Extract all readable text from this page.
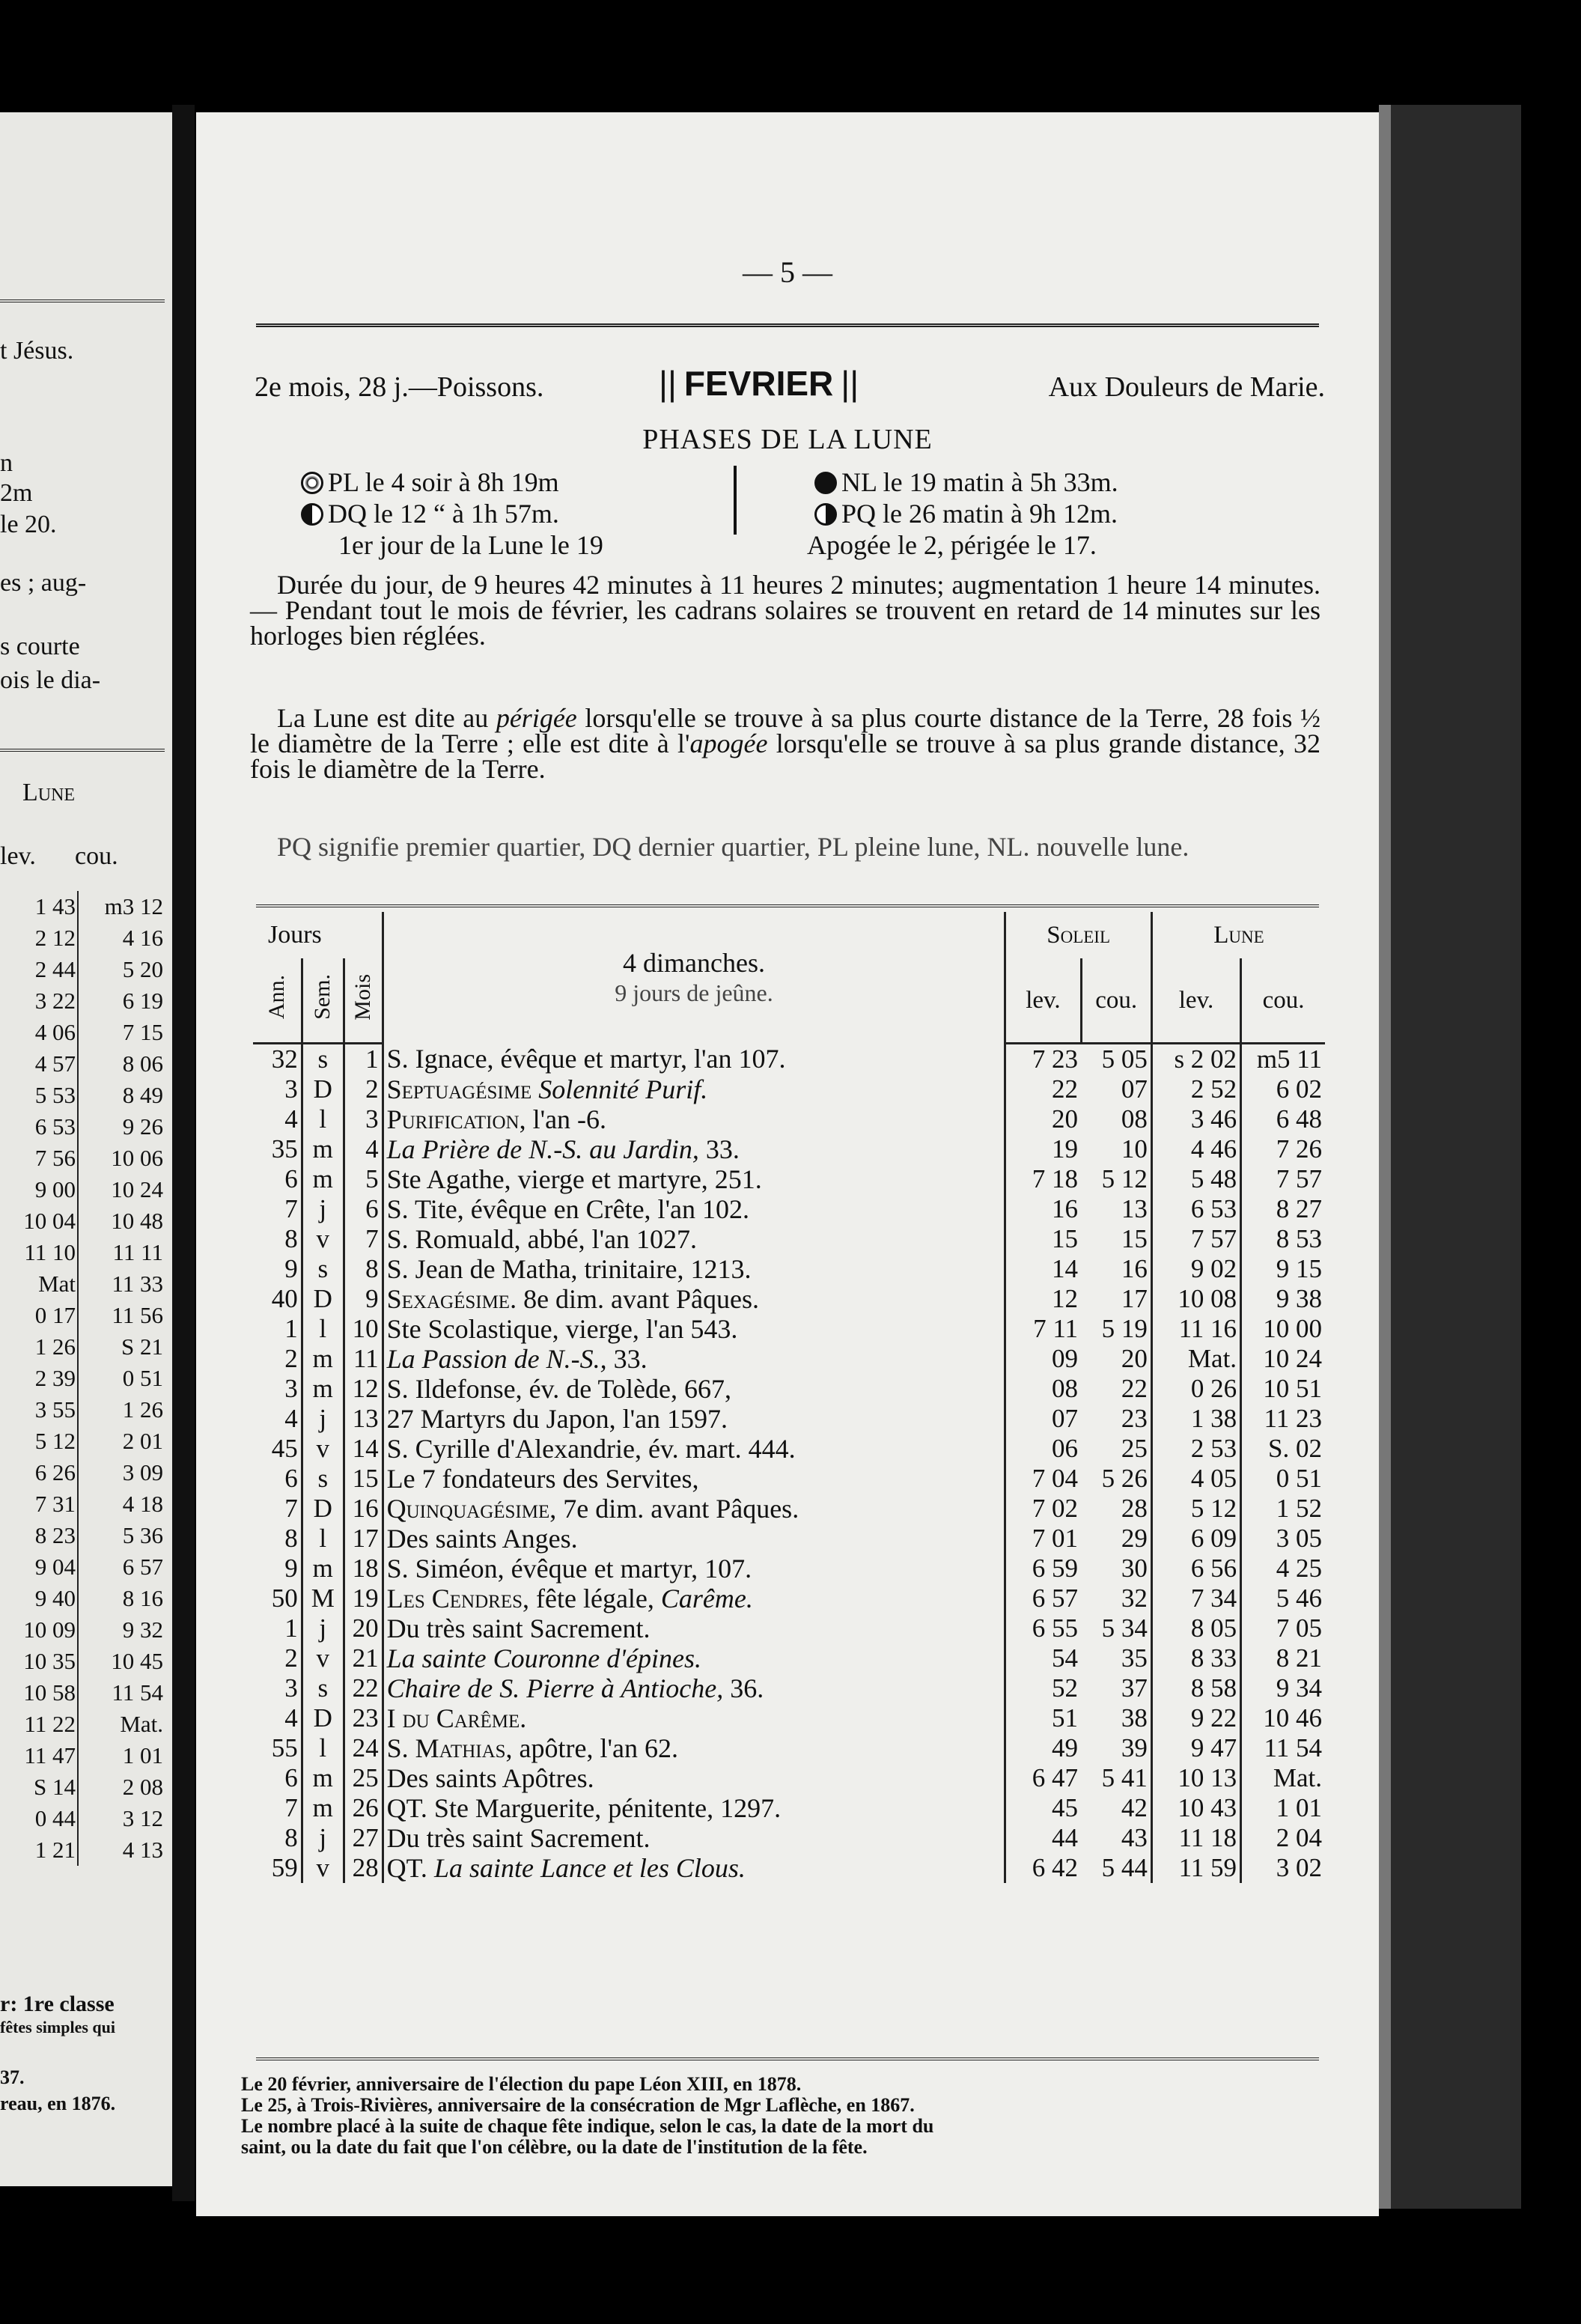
t Jésus.
n
2m
le 20.
es ; aug-
s courte
ois le dia-
Lune
lev. cou.
1 43	m3 12
2 12	4 16
2 44	5 20
3 22	6 19
4 06	7 15
4 57	8 06
5 53	8 49
6 53	9 26
7 56	10 06
9 00	10 24
10 04	10 48
11 10	11 11
Mat	11 33
0 17	11 56
1 26	S 21
2 39	0 51
3 55	1 26
5 12	2 01
6 26	3 09
7 31	4 18
8 23	5 36
9 04	6 57
9 40	8 16
10 09	9 32
10 35	10 45
10 58	11 54
11 22	Mat.
11 47	1 01
S 14	2 08
0 44	3 12
1 21	4 13
r: 1re classe
fêtes simples qui
37.
reau, en 1876.
— 5 —
2e mois, 28 j.—Poissons.	|| FEVRIER ||	Aux Douleurs de Marie.
PHASES DE LA LUNE
PL le 4 soir à 8h 19m
DQ le 12 “ à 1h 57m.
1er jour de la Lune le 19
NL le 19 matin à 5h 33m.
PQ le 26 matin à 9h 12m.
Apogée le 2, périgée le 17.
Durée du jour, de 9 heures 42 minutes à 11 heures 2 minutes; augmentation 1 heure 14 minutes.— Pendant tout le mois de février, les cadrans solaires se trouvent en retard de 14 minutes sur les horloges bien réglées.
La Lune est dite au périgée lorsqu'elle se trouve à sa plus courte distance de la Terre, 28 fois ½ le diamètre de la Terre ; elle est dite à l'apogée lorsqu'elle se trouve à sa plus grande distance, 32 fois le diamètre de la Terre.
PQ signifie premier quartier, DQ dernier quartier, PL pleine lune, NL. nouvelle lune.
Jours			4 dimanches.
9 jours de jeûne.	Soleil		Lune	
Ann.	Sem.	Mois		lev.	cou.	lev.	cou.
32	s	1	S. Ignace, évêque et martyr, l'an 107.	7 23	5 05	s 2 02	m5 11
3	D	2	Septuagésime Solennité Purif.	22	07	2 52	6 02
4	l	3	Purification, l'an -6.	20	08	3 46	6 48
35	m	4	La Prière de N.-S. au Jardin, 33.	19	10	4 46	7 26
6	m	5	Ste Agathe, vierge et martyre, 251.	7 18	5 12	5 48	7 57
7	j	6	S. Tite, évêque en Crête, l'an 102.	16	13	6 53	8 27
8	v	7	S. Romuald, abbé, l'an 1027.	15	15	7 57	8 53
9	s	8	S. Jean de Matha, trinitaire, 1213.	14	16	9 02	9 15
40	D	9	Sexagésime. 8e dim. avant Pâques.	12	17	10 08	9 38
1	l	10	Ste Scolastique, vierge, l'an 543.	7 11	5 19	11 16	10 00
2	m	11	La Passion de N.-S., 33.	09	20	Mat.	10 24
3	m	12	S. Ildefonse, év. de Tolède, 667,	08	22	0 26	10 51
4	j	13	27 Martyrs du Japon, l'an 1597.	07	23	1 38	11 23
45	v	14	S. Cyrille d'Alexandrie, év. mart. 444.	06	25	2 53	S. 02
6	s	15	Le 7 fondateurs des Servites,	7 04	5 26	4 05	0 51
7	D	16	Quinquagésime, 7e dim. avant Pâques.	7 02	28	5 12	1 52
8	l	17	Des saints Anges.	7 01	29	6 09	3 05
9	m	18	S. Siméon, évêque et martyr, 107.	6 59	30	6 56	4 25
50	M	19	Les Cendres, fête légale, Carême.	6 57	32	7 34	5 46
1	j	20	Du très saint Sacrement.	6 55	5 34	8 05	7 05
2	v	21	La sainte Couronne d'épines.	54	35	8 33	8 21
3	s	22	Chaire de S. Pierre à Antioche, 36.	52	37	8 58	9 34
4	D	23	I du Carême.	51	38	9 22	10 46
55	l	24	S. Mathias, apôtre, l'an 62.	49	39	9 47	11 54
6	m	25	Des saints Apôtres.	6 47	5 41	10 13	Mat.
7	m	26	QT. Ste Marguerite, pénitente, 1297.	45	42	10 43	1 01
8	j	27	Du très saint Sacrement.	44	43	11 18	2 04
59	v	28	QT. La sainte Lance et les Clous.	6 42	5 44	11 59	3 02
Le 20 février, anniversaire de l'élection du pape Léon XIII, en 1878.
Le 25, à Trois-Rivières, anniversaire de la consécration de Mgr Laflèche, en 1867.
Le nombre placé à la suite de chaque fête indique, selon le cas, la date de la mort du
saint, ou la date du fait que l'on célèbre, ou la date de l'institution de la fête.
